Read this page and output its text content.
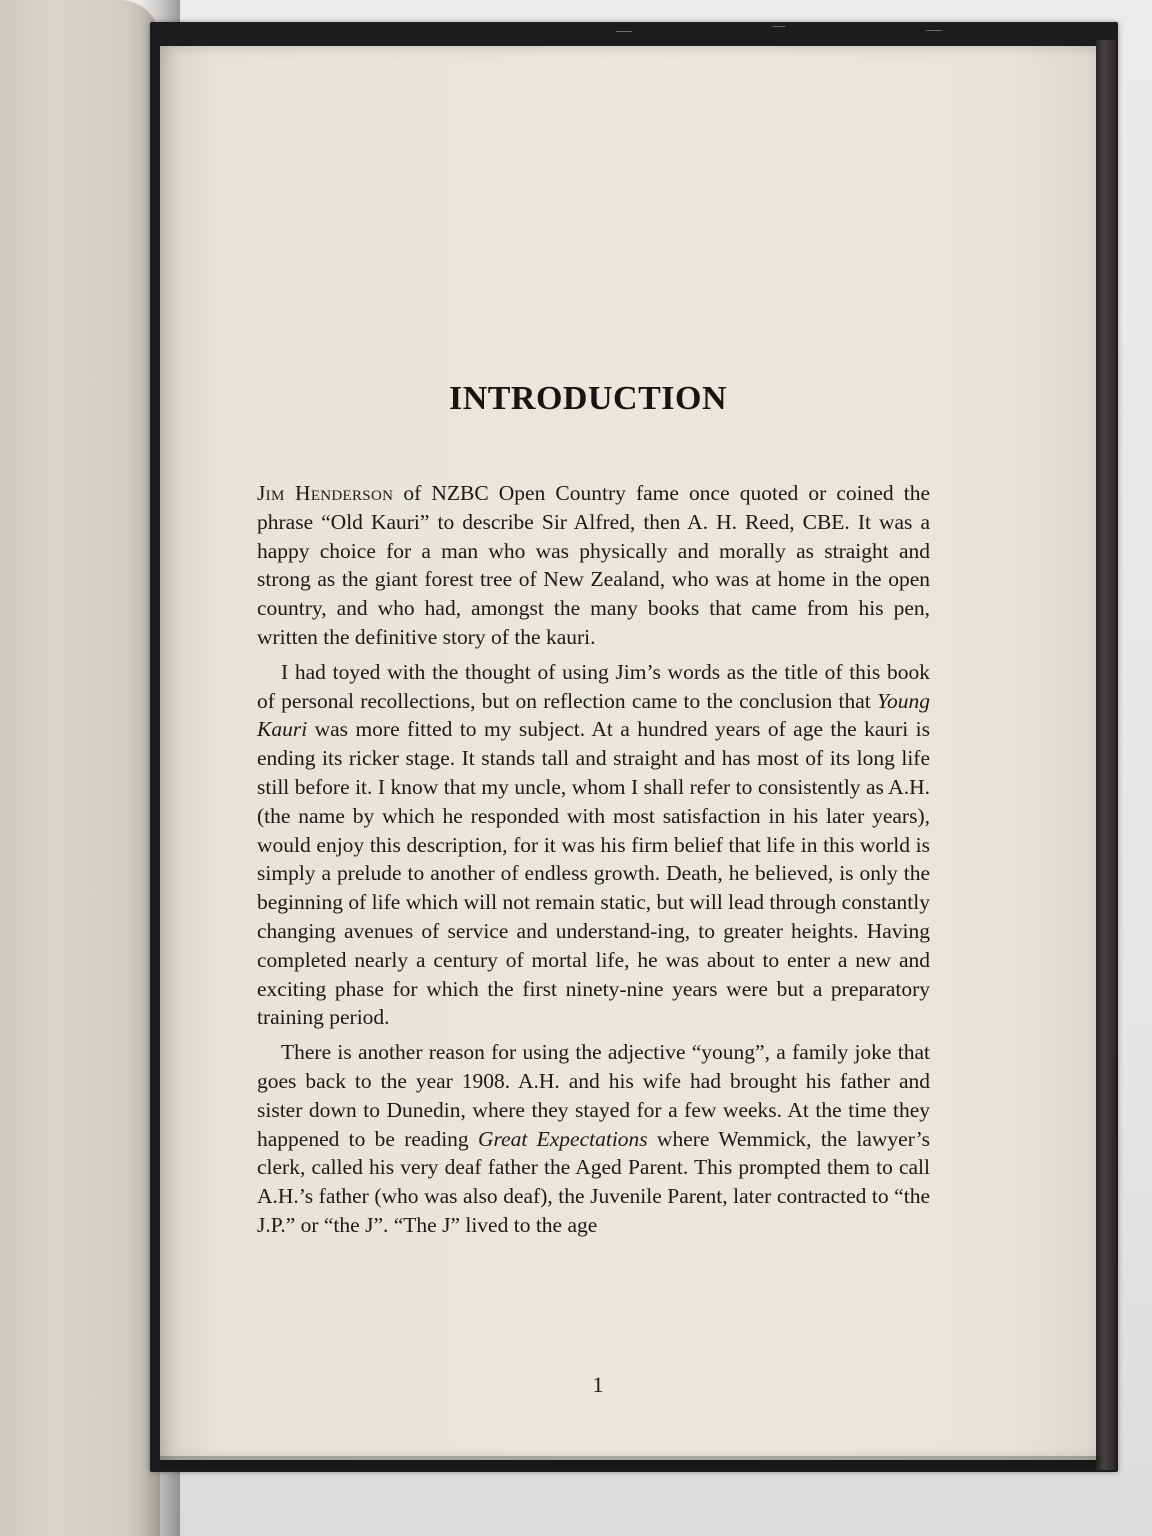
INTRODUCTION

Jim Henderson of NZBC Open Country fame once quoted or coined the phrase “Old Kauri” to describe Sir Alfred, then A. H. Reed, CBE. It was a happy choice for a man who was physically and morally as straight and strong as the giant forest tree of New Zealand, who was at home in the open country, and who had, amongst the many books that came from his pen, written the definitive story of the kauri.

I had toyed with the thought of using Jim’s words as the title of this book of personal recollections, but on reflection came to the conclusion that Young Kauri was more fitted to my subject. At a hundred years of age the kauri is ending its ricker stage. It stands tall and straight and has most of its long life still before it. I know that my uncle, whom I shall refer to consistently as A.H. (the name by which he responded with most satisfaction in his later years), would enjoy this description, for it was his firm belief that life in this world is simply a prelude to another of endless growth. Death, he believed, is only the beginning of life which will not remain static, but will lead through constantly changing avenues of service and understand-ing, to greater heights. Having completed nearly a century of mortal life, he was about to enter a new and exciting phase for which the first ninety-nine years were but a preparatory training period.

There is another reason for using the adjective “young”, a family joke that goes back to the year 1908. A.H. and his wife had brought his father and sister down to Dunedin, where they stayed for a few weeks. At the time they happened to be reading Great Expectations where Wemmick, the lawyer’s clerk, called his very deaf father the Aged Parent. This prompted them to call A.H.’s father (who was also deaf), the Juvenile Parent, later contracted to “the J.P.” or “the J”. “The J” lived to the age

1
